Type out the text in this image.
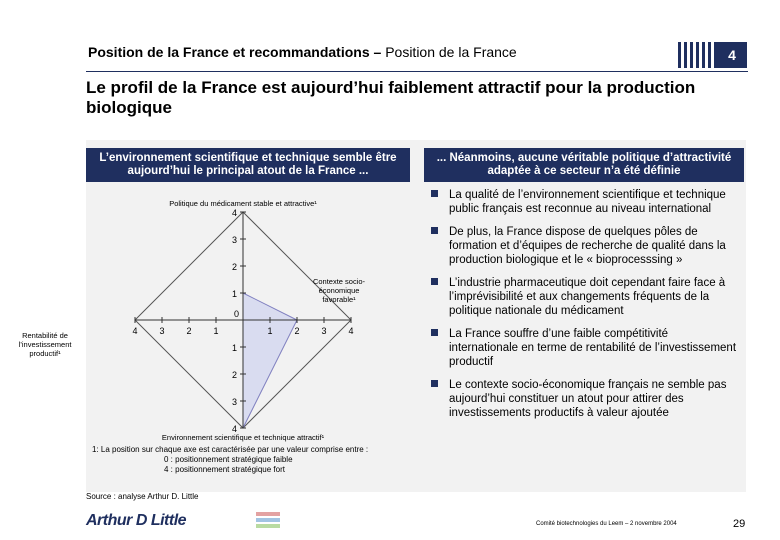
Position de la France et recommandations – Position de la France	4
Le profil de la France est aujourd’hui faiblement attractif pour la production biologique
L’environnement scientifique et technique semble être aujourd’hui le principal atout de la France ...
... Néanmoins, aucune véritable politique d’attractivité adaptée à ce secteur n’a été définie
La qualité de l’environnement scientifique et technique public français est reconnue au niveau international
De plus, la France dispose de quelques pôles de formation et d’équipes de recherche de qualité dans la production biologique et le « bioprocesssing »
L’industrie pharmaceutique doit cependant faire face à l’imprévisibilité et aux changements fréquents de la politique nationale du médicament
La France souffre d’une faible compétitivité internationale en terme de rentabilité de l’investissement productif
Le contexte socio-économique français ne semble pas aujourd’hui constituer un atout pour attirer des investissements productifs à valeur ajoutée
1
1
1
1
2
2
2
2
3
3
3
3
4
4
4
4
0
Politique du médicament stable et attractive¹
Environnement scientifique et technique attractif¹
Contexte socio-économique favorable¹
Rentabilité de l’investissement productif¹
1: La position sur chaque axe est caractérisée par une valeur comprise entre :
0 : positionnement stratégique faible
4 : positionnement stratégique fort
Source : analyse Arthur D. Little
Arthur D Little	Comité biotechnologies du Leem – 2 novembre 2004	29
